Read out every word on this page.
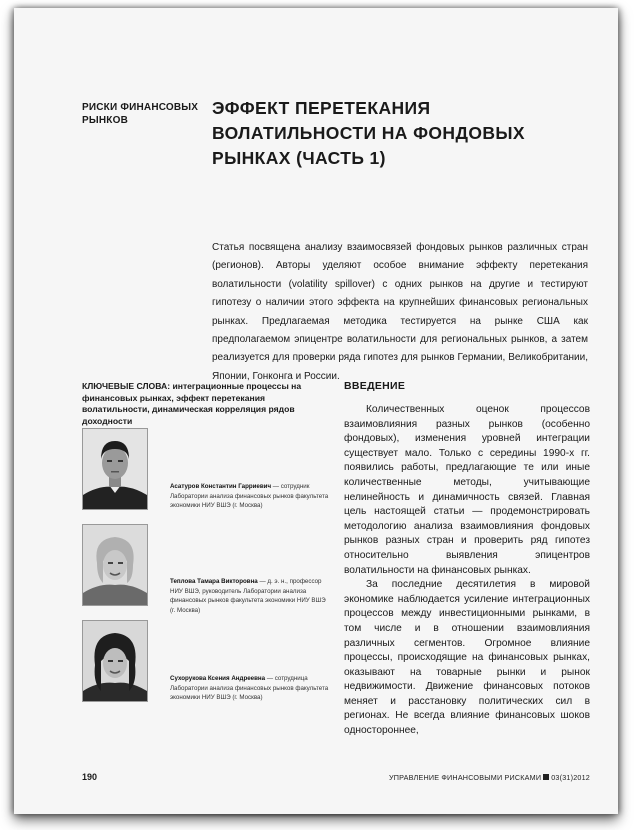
РИСКИ ФИНАНСОВЫХ РЫНКОВ
ЭФФЕКТ ПЕРЕТЕКАНИЯ ВОЛАТИЛЬНОСТИ НА ФОНДОВЫХ РЫНКАХ (ЧАСТЬ 1)
Статья посвящена анализу взаимосвязей фондовых рынков различных стран (регионов). Авторы уделяют особое внимание эффекту перетекания волатильности (volatility spillover) с одних рынков на другие и тестируют гипотезу о наличии этого эффекта на крупнейших финансовых региональных рынках. Предлагаемая методика тестируется на рынке США как предполагаемом эпицентре волатильности для региональных рынков, а затем реализуется для проверки ряда гипотез для рынков Германии, Великобритании, Японии, Гонконга и России.
КЛЮЧЕВЫЕ СЛОВА: интеграционные процессы на финансовых рынках, эффект перетекания волатильности, динамическая корреляция рядов доходности
Асатуров Константин Гарриевич — сотрудник Лаборатории анализа финансовых рынков факультета экономики НИУ ВШЭ (г. Москва)
Теплова Тамара Викторовна — д. э. н., профессор НИУ ВШЭ, руководитель Лаборатории анализа финансовых рынков факультета экономики НИУ ВШЭ (г. Москва)
Сухорукова Ксения Андреевна — сотрудница Лаборатории анализа финансовых рынков факультета экономики НИУ ВШЭ (г. Москва)
ВВЕДЕНИЕ

Количественных оценок процессов взаимовлияния разных рынков (особенно фондовых), изменения уровней интеграции существует мало. Только с середины 1990-х гг. появились работы, предлагающие те или иные количественные методы, учитывающие нелинейность и динамичность связей. Главная цель настоящей статьи — продемонстрировать методологию анализа взаимовлияния фондовых рынков разных стран и проверить ряд гипотез относительно выявления эпицентров волатильности на финансовых рынках.

За последние десятилетия в мировой экономике наблюдается усиление интеграционных процессов между инвестиционными рынками, в том числе и в отношении взаимовлияния различных сегментов. Огромное влияние процессы, происходящие на финансовых рынках, оказывают на товарные рынки и рынок недвижимости. Движение финансовых потоков меняет и расстановку политических сил в регионах. Не всегда влияние финансовых шоков одностороннее,

190	УПРАВЛЕНИЕ ФИНАНСОВЫМИ РИСКАМИ 03(31)2012
